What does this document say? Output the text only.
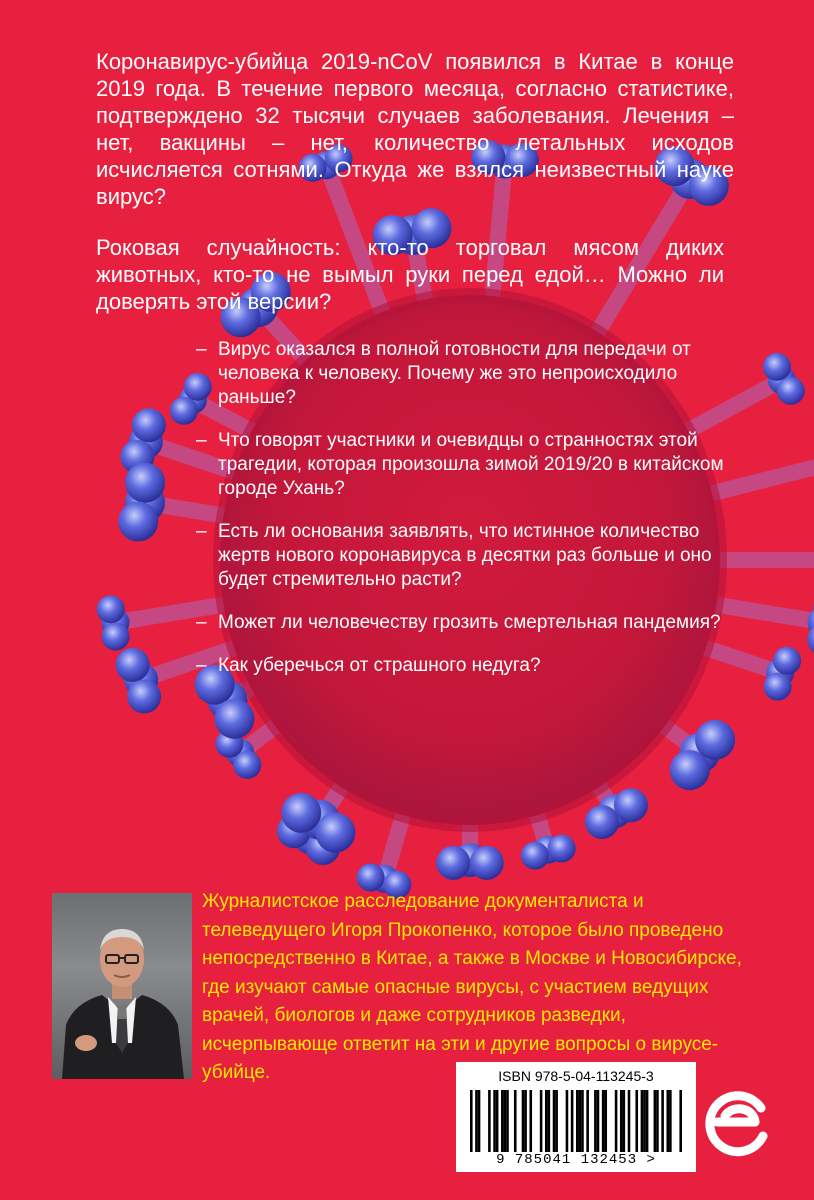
Коронавирус-убийца 2019-nCoV появился в Китае в конце 2019 года. В течение первого месяца, согласно статистике, подтверждено 32 тысячи случаев заболевания. Лечения – нет, вакцины – нет, количество летальных исходов исчисляется сотнями. Откуда же взялся неизвестный науке вирус?

Роковая случайность: кто-то торговал мясом диких животных, кто-то не вымыл руки перед едой… Можно ли доверять этой версии?

– Вирус оказался в полной готовности для передачи от человека к человеку. Почему же это непроисходило раньше?
– Что говорят участники и очевидцы о странностях этой трагедии, которая произошла зимой 2019/20 в китайском городе Ухань?
– Есть ли основания заявлять, что истинное количество жертв нового коронавируса в десятки раз больше и оно будет стремительно расти?
– Может ли человечеству грозить смертельная пандемия?
– Как уберечься от страшного недуга?

Журналистское расследование документалиста и телеведущего Игоря Прокопенко, которое было проведено непосредственно в Китае, а также в Москве и Новосибирске, где изучают самые опасные вирусы, с участием ведущих врачей, биологов и даже сотрудников разведки, исчерпывающе ответит на эти и другие вопросы о вирусе-убийце.	ISBN 978-5-04-113245-3
9 785041 132453 >
